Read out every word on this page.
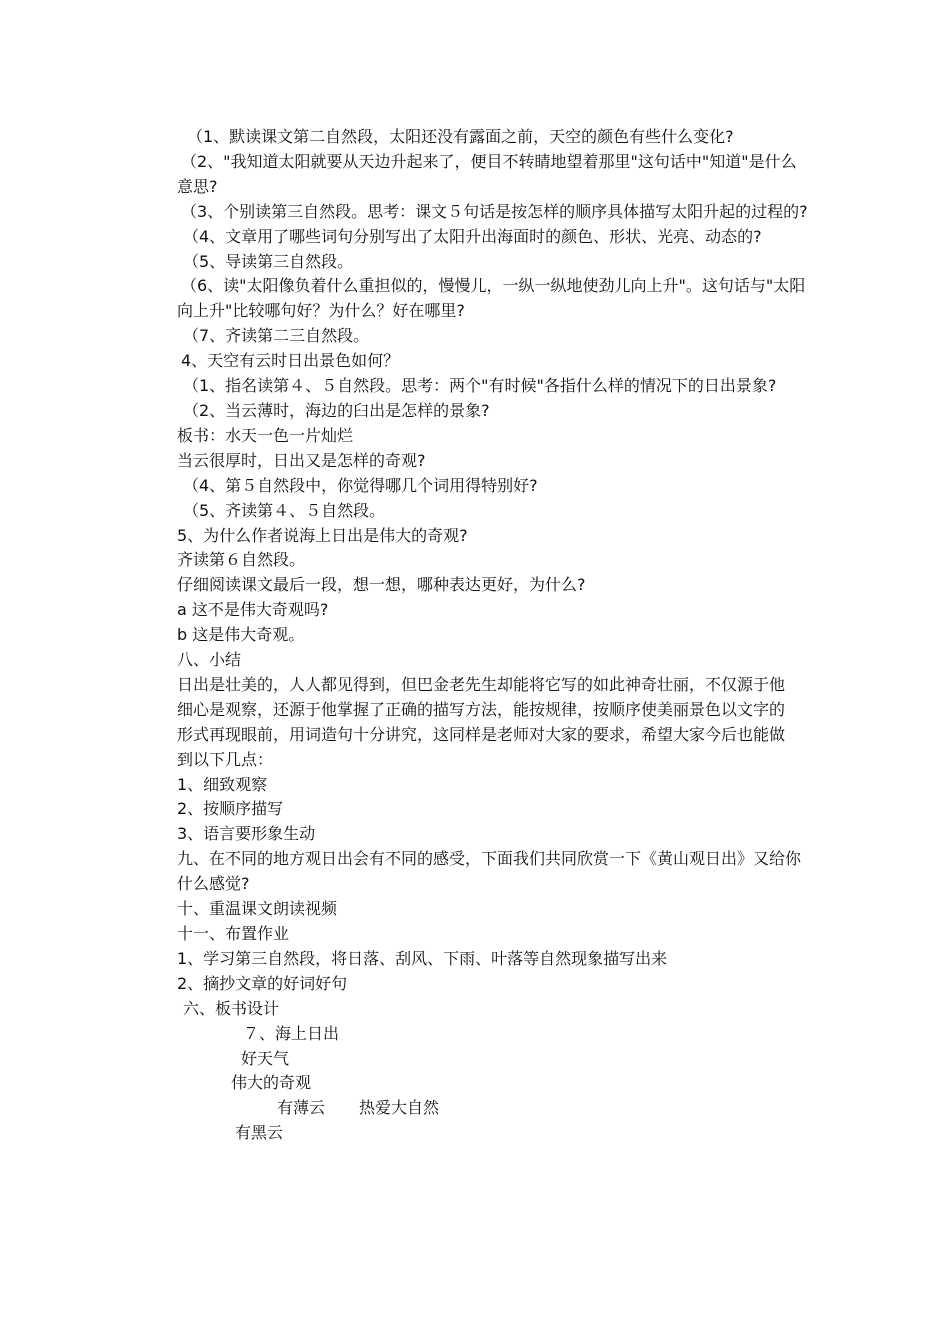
（1、默读课文第二自然段，太阳还没有露面之前，天空的颜色有些什么变化?
（2、"我知道太阳就要从天边升起来了，便目不转睛地望着那里"这句话中"知道"是什么
意思?
（3、个别读第三自然段。思考：课文５句话是按怎样的顺序具体描写太阳升起的过程的?
（4、文章用了哪些词句分别写出了太阳升出海面时的颜色、形状、光亮、动态的?
（5、导读第三自然段。
（6、读"太阳像负着什么重担似的，慢慢儿，一纵一纵地使劲儿向上升"。这句话与"太阳
向上升"比较哪句好？为什么？好在哪里?
（7、齐读第二三自然段。
4、天空有云时日出景色如何？
（1、指名读第４、５自然段。思考：两个"有时候"各指什么样的情况下的日出景象?
（2、当云薄时，海边的臼出是怎样的景象?
板书：水天一色一片灿烂
当云很厚时，日出又是怎样的奇观?
（4、第５自然段中，你觉得哪几个词用得特别好?
（5、齐读第４、５自然段。
5、为什么作者说海上日出是伟大的奇观?
齐读第６自然段。
仔细阅读课文最后一段，想一想，哪种表达更好，为什么?
a 这不是伟大奇观吗?
b 这是伟大奇观。
八、小结
日出是壮美的，人人都见得到，但巴金老先生却能将它写的如此神奇壮丽，不仅源于他
细心是观察，还源于他掌握了正确的描写方法，能按规律，按顺序使美丽景色以文字的
形式再现眼前，用词造句十分讲究，这同样是老师对大家的要求，希望大家今后也能做
到以下几点：
1、细致观察
2、按顺序描写
3、语言要形象生动
九、在不同的地方观日出会有不同的感受，下面我们共同欣赏一下《黄山观日出》又给你
什么感觉?
十、重温课文朗读视频
十一、布置作业
1、学习第三自然段，将日落、刮风、下雨、叶落等自然现象描写出来
2、摘抄文章的好词好句
六、板书设计
７、海上日出
好天气
伟大的奇观
有薄云 热爱大自然
有黑云
